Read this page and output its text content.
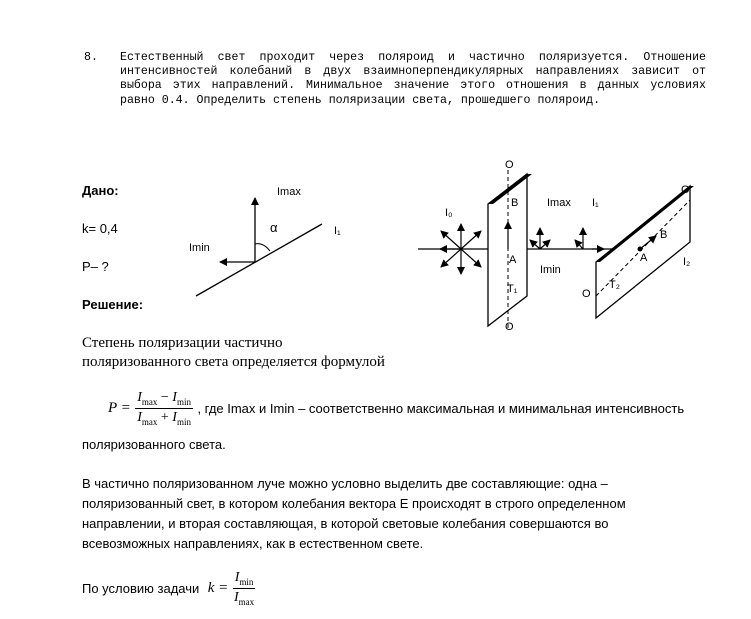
8. Естественный свет проходит через поляроид и частично поляризуется. Отношение интенсивностей колебаний в двух взаимноперпендикулярных направлениях зависит от выбора этих направлений. Минимальное значение этого отношения в данных условиях равно 0.4. Определить степень поляризации света, прошедшего поляроид.
Дано:
k= 0,4
P– ?
Решение:
Imax
Imin
α	I₁
O
B
I₀
Imax I₁
A
Imin
T₁
O
O
B
A	I₂
O
T₂
Степень поляризации частично
поляризованного света определяется формулой
$P = \frac{I_{max} - I_{min}}{I_{max} + I_{min}}$ , где Imax и Imin – соответственно максимальная и минимальная интенсивность
поляризованного света.
В частично поляризованном луче можно условно выделить две составляющие: одна –
поляризованный свет, в котором колебания вектора E происходят в строго определенном
направлении, и вторая составляющая, в которой световые колебания совершаются во
всевозможных направлениях, как в естественном свете.
По условию задачи $k = \frac{I_{min}}{I_{max}}$
